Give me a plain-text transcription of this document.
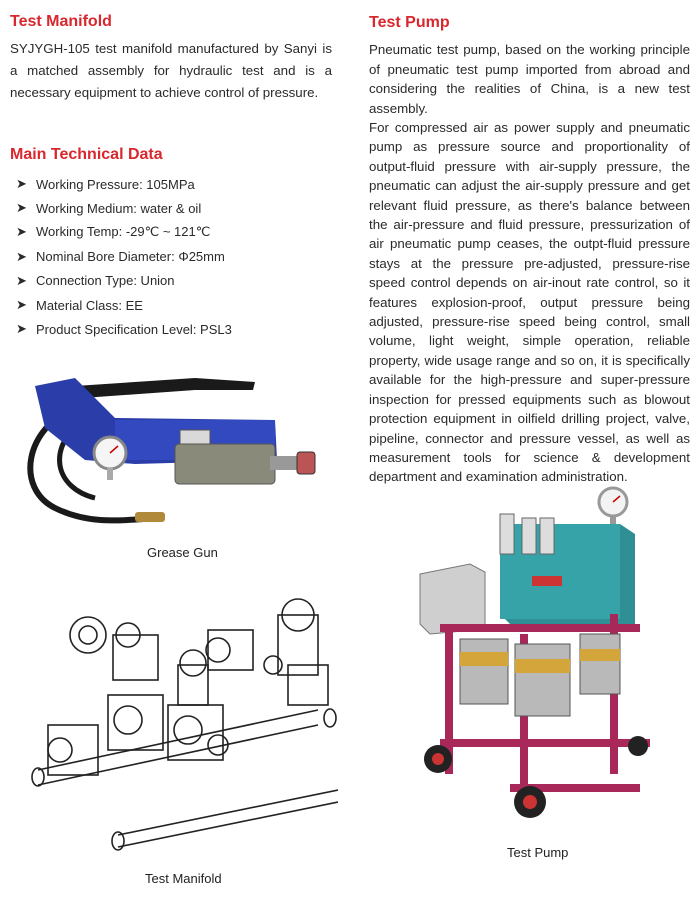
Test Manifold

SYJYGH-105 test manifold manufactured by Sanyi is a matched assembly for hydraulic test and is a necessary equipment to achieve control of pressure.

Main Technical Data
➤ Working Pressure: 105MPa
➤ Working Medium: water & oil
➤ Working Temp: -29℃ ~ 121℃
➤ Nominal Bore Diameter: Φ25mm
➤ Connection Type: Union
➤ Material Class: EE
➤ Product Specification Level: PSL3
Grease Gun
Test Manifold
Test Pump

Pneumatic test pump, based on the working principle of pneumatic test pump imported from abroad and considering the realities of China, is a new test assembly.

For compressed air as power supply and pneumatic pump as pressure source and proportionality of output-fluid pressure with air-supply pressure, the pneumatic can adjust the air-supply pressure and get relevant fluid pressure, as there's balance between the air-pressure and fluid pressure, pressurization of air pneumatic pump ceases, the outpt-fluid pressure stays at the pressure pre-adjusted, pressure-rise speed control depends on air-inout rate control, so it features explosion-proof, output pressure being adjusted, pressure-rise speed being control, small volume, light weight, simple operation, reliable property, wide usage range and so on, it is specifically available for the high-pressure and super-pressure inspection for pressed equipments such as blowout protection equipment in oilfield drilling project, valve, pipeline, connector and pressure vessel, as well as measurement tools for science & development department and examination administration.

Test Pump
